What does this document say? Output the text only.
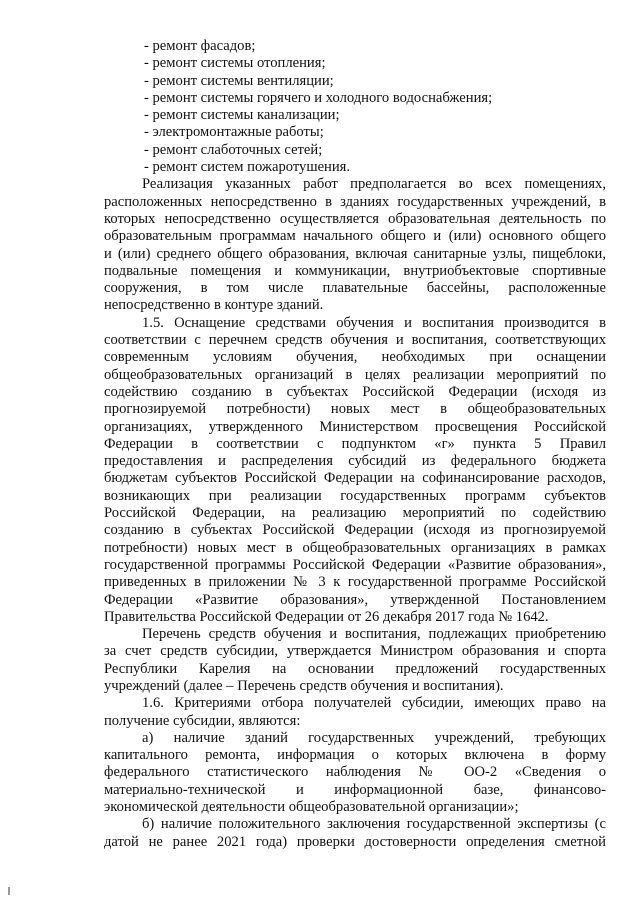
- ремонт фасадов;
- ремонт системы отопления;
- ремонт системы вентиляции;
- ремонт системы горячего и холодного водоснабжения;
- ремонт системы канализации;
- электромонтажные работы;
- ремонт слаботочных сетей;
- ремонт систем пожаротушения.
Реализация указанных работ предполагается во всех помещениях,
расположенных непосредственно в зданиях государственных учреждений, в
которых непосредственно осуществляется образовательная деятельность по
образовательным программам начального общего и (или) основного общего
и (или) среднего общего образования, включая санитарные узлы, пищеблоки,
подвальные помещения и коммуникации, внутриобъектовые спортивные
сооружения, в том числе плавательные бассейны, расположенные
непосредственно в контуре зданий.
1.5. Оснащение средствами обучения и воспитания производится в
соответствии с перечнем средств обучения и воспитания, соответствующих
современным условиям обучения, необходимых при оснащении
общеобразовательных организаций в целях реализации мероприятий по
содействию созданию в субъектах Российской Федерации (исходя из
прогнозируемой потребности) новых мест в общеобразовательных
организациях, утвержденного Министерством просвещения Российской
Федерации в соответствии с подпунктом «г» пункта 5 Правил
предоставления и распределения субсидий из федерального бюджета
бюджетам субъектов Российской Федерации на софинансирование расходов,
возникающих при реализации государственных программ субъектов
Российской Федерации, на реализацию мероприятий по содействию
созданию в субъектах Российской Федерации (исходя из прогнозируемой
потребности) новых мест в общеобразовательных организациях в рамках
государственной программы Российской Федерации «Развитие образования»,
приведенных в приложении № 3 к государственной программе Российской
Федерации «Развитие образования», утвержденной Постановлением
Правительства Российской Федерации от 26 декабря 2017 года № 1642.
Перечень средств обучения и воспитания, подлежащих приобретению
за счет средств субсидии, утверждается Министром образования и спорта
Республики Карелия на основании предложений государственных
учреждений (далее – Перечень средств обучения и воспитания).
1.6. Критериями отбора получателей субсидии, имеющих право на
получение субсидии, являются:
а) наличие зданий государственных учреждений, требующих
капитального ремонта, информация о которых включена в форму
федерального статистического наблюдения № ОО-2 «Сведения о
материально-технической и информационной базе, финансово-
экономической деятельности общеобразовательной организации»;
б) наличие положительного заключения государственной экспертизы (с
датой не ранее 2021 года) проверки достоверности определения сметной
